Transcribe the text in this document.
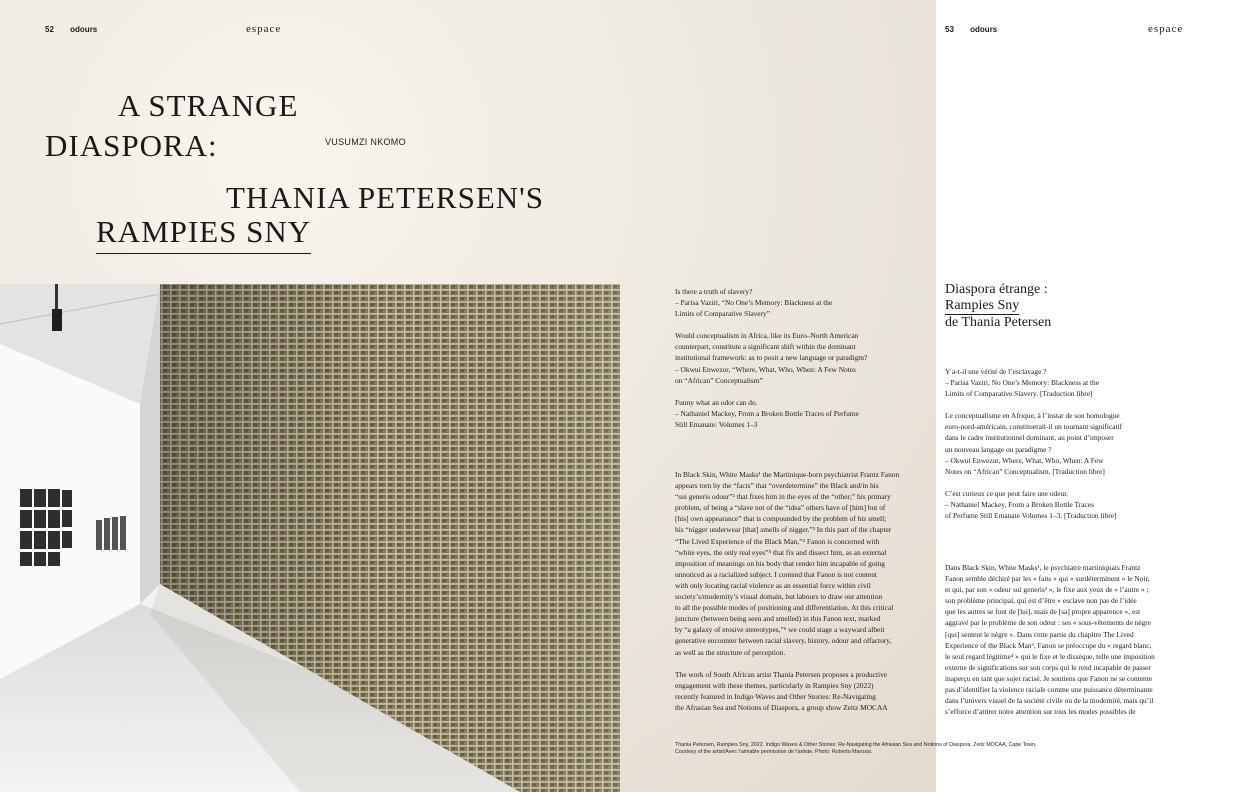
52 odours	espace	53 odours	espace
A STRANGE
DIASPORA:
THANIA PETERSEN'S
RAMPIES SNY
VUSUMZI NKOMO

Is there a truth of slavery?

– Parisa Vaziri, “No One’s Memory: Blackness at the

Limits of Comparative Slavery”

Would conceptualism in Africa, like its Euro–North American

counterpart, constitute a significant shift within the dominant

institutional framework: as to posit a new language or paradigm?

– Okwui Enwezor, “Where, What, Who, When: A Few Notes

on “African” Conceptualism”

Funny what an odor can do.

– Nathaniel Mackey, From a Broken Bottle Traces of Perfume

Still Emanate: Volumes 1–3

In Black Skin, White Masks¹ the Martinique-born psychiatrist Frantz Fanon

appears torn by the “facts” that “overdetermine” the Black and/in his

“sui generis odour”² that fixes him in the eyes of the “other;” his primary

problem, of being a “slave not of the “idea” others have of [him] but of

[his] own appearance” that is compounded by the problem of his smell;

his “nigger underwear [that] smells of nigger.”³ In this part of the chapter

“The Lived Experience of the Black Man,”⁴ Fanon is concerned with

“white eyes, the only real eyes”⁵ that fix and dissect him, as an external

imposition of meanings on his body that render him incapable of going

unnoticed as a racialized subject. I contend that Fanon is not content

with only locating racial violence as an essential force within civil

society’s/modernity’s visual domain, but labours to draw our attention

to all the possible modes of positioning and differentiation. At this critical

juncture (between being seen and smelled) in this Fanon text, marked

by “a galaxy of erosive stereotypes,”⁶ we could stage a wayward albeit

generative encounter between racial slavery, history, odour and olfactory,

as well as the structure of perception.

The work of South African artist Thania Petersen proposes a productive

engagement with these themes, particularly in Rampies Sny (2022)

recently featured in Indigo Waves and Other Stories: Re-Navigating

the Afrasian Sea and Notions of Diaspora, a group show Zeitz MOCAA

Thania Petersen, Rampies Sny, 2022. Indigo Waves & Other Stories: Re-Navigating the Afrasian Sea and Notions of Diaspora, Zeitz MOCAA, Cape Town.
Courtesy of the artist/Avec l’aimable permission de l’artiste. Photo: Roberto Marossi.
Diaspora étrange :
Rampies Sny
de Thania Petersen

Y a-t-il une vérité de l’esclavage ?

– Parisa Vaziri, No One’s Memory: Blackness at the

Limits of Comparative Slavery. [Traduction libre]

Le conceptualisme en Afrique, à l’instar de son homologue

euro-nord-américain, constituerait-il un tournant significatif

dans le cadre institutionnel dominant, au point d’imposer

un nouveau langage ou paradigme ?

– Okwui Enwezor, Where, What, Who, When: A Few

Notes on “African” Conceptualism. [Traduction libre]

C’est curieux ce que peut faire une odeur.

– Nathaniel Mackey, From a Broken Bottle Traces

of Perfume Still Emanate Volumes 1–3. [Traduction libre]

Dans Black Skin, White Masks¹, le psychiatre martiniquais Frantz

Fanon semble déchiré par les « faits » qui « surdéterminent » le Noir,

et qui, par son « odeur sui generis² », le fixe aux yeux de « l’autre » ;

son problème principal, qui est d’être « esclave non pas de l’idée

que les autres se font de [lui], mais de [sa] propre apparence », est

aggravé par le problème de son odeur : ses « sous-vêtements de nègre

[qui] sentent le nègre ». Dans cette partie du chapitre The Lived

Experience of the Black Man³, Fanon se préoccupe du « regard blanc,

le seul regard légitime⁴ » qui le fixe et le dissèque, telle une imposition

externe de significations sur son corps qui le rend incapable de passer

inaperçu en tant que sujet racisé. Je soutiens que Fanon ne se contente

pas d’identifier la violence raciale comme une puissance déterminante

dans l’univers visuel de la société civile ou de la modernité, mais qu’il

s’efforce d’attirer notre attention sur tous les modes possibles de
